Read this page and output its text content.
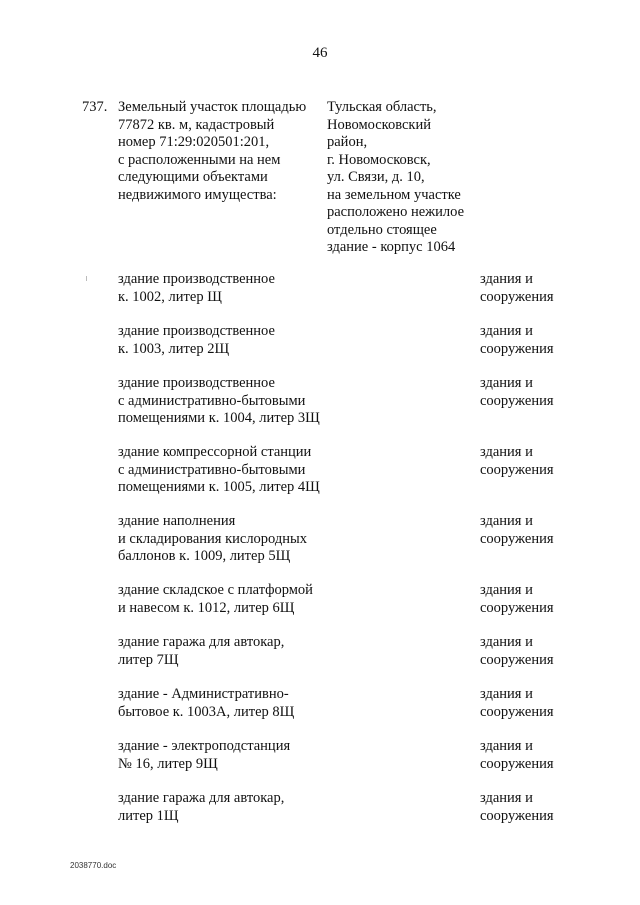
46
737. Земельный участок площадью
77872 кв. м, кадастровый
номер 71:29:020501:201,
с расположенными на нем
следующими объектами
недвижимого имущества:
Тульская область,
Новомосковский
район,
г. Новомосковск,
ул. Связи, д. 10,
на земельном участке
расположено нежилое
отдельно стоящее
здание - корпус 1064
здание производственное
к. 1002, литер Щ
здания и
сооружения
здание производственное
к. 1003, литер 2Щ
здания и
сооружения
здание производственное
с административно-бытовыми
помещениями к. 1004, литер 3Щ
здания и
сооружения
здание компрессорной станции
с административно-бытовыми
помещениями к. 1005, литер 4Щ
здания и
сооружения
здание наполнения
и складирования кислородных
баллонов к. 1009, литер 5Щ
здания и
сооружения
здание складское с платформой
и навесом к. 1012, литер 6Щ
здания и
сооружения
здание гаража для автокар,
литер 7Щ
здания и
сооружения
здание - Административно-
бытовое к. 1003А, литер 8Щ
здания и
сооружения
здание - электроподстанция
№ 16, литер 9Щ
здания и
сооружения
здание гаража для автокар,
литер 1Щ
здания и
сооружения
2038770.doc
